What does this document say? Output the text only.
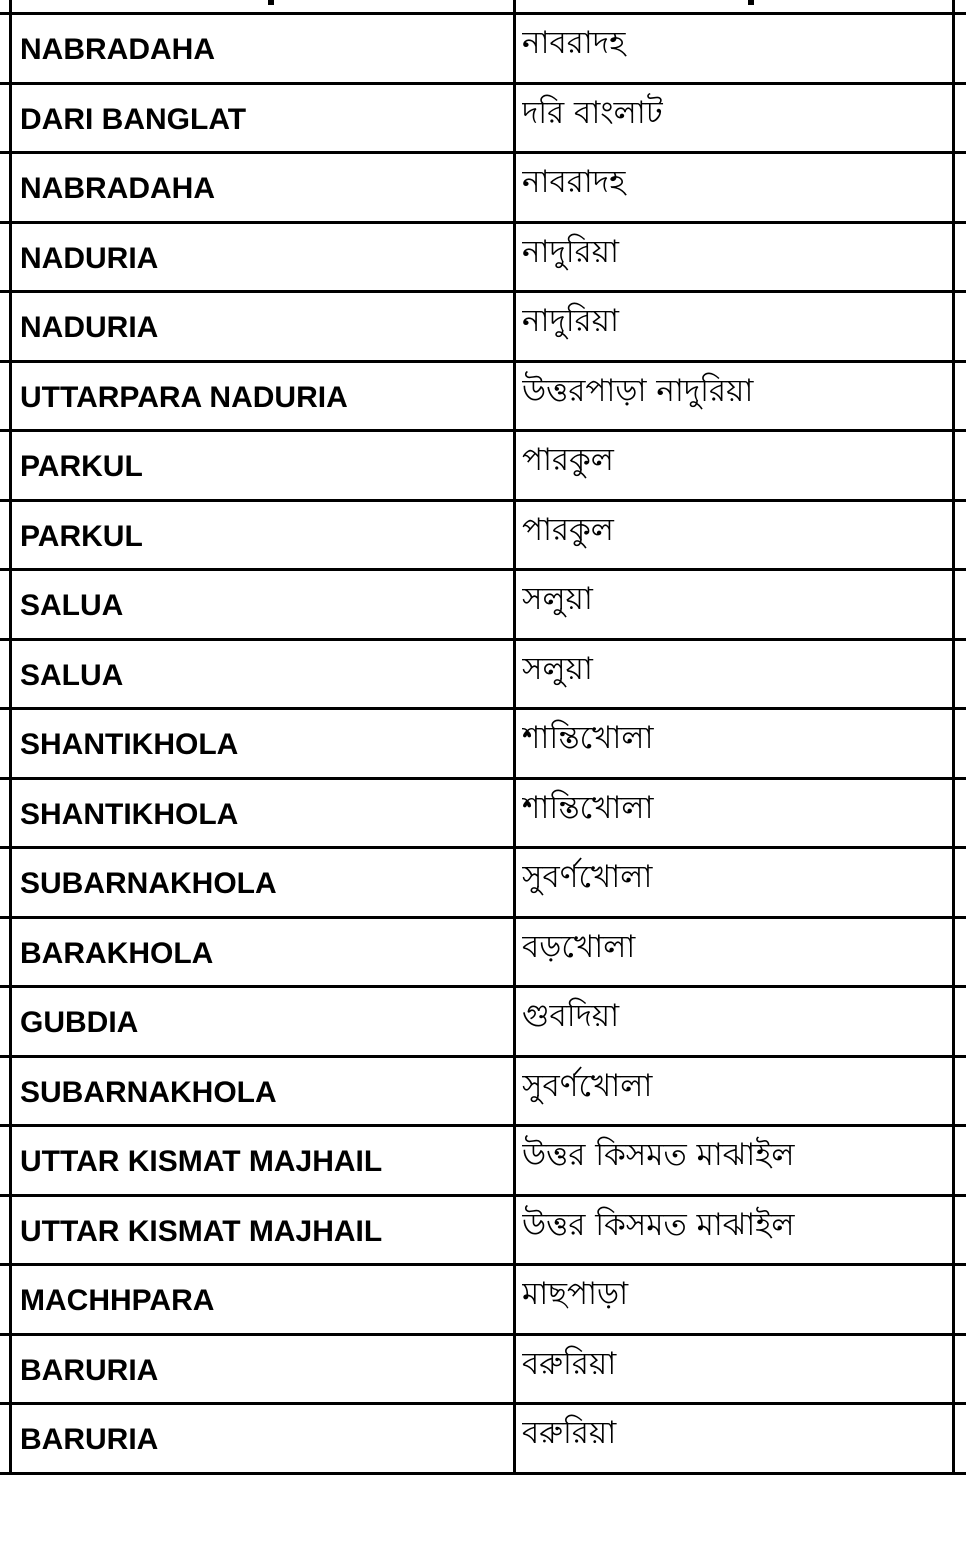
NABRADAHA	নাবরাদহ
DARI BANGLAT	দরি বাংলাট
NABRADAHA	নাবরাদহ
NADURIA	নাদুরিয়া
NADURIA	নাদুরিয়া
UTTARPARA NADURIA	উত্তরপাড়া নাদুরিয়া
PARKUL	পারকুল
PARKUL	পারকুল
SALUA	সলুয়া
SALUA	সলুয়া
SHANTIKHOLA	শান্তিখোলা
SHANTIKHOLA	শান্তিখোলা
SUBARNAKHOLA	সুবর্ণখোলা
BARAKHOLA	বড়খোলা
GUBDIA	গুবদিয়া
SUBARNAKHOLA	সুবর্ণখোলা
UTTAR KISMAT MAJHAIL	উত্তর কিসমত মাঝাইল
UTTAR KISMAT MAJHAIL	উত্তর কিসমত মাঝাইল
MACHHPARA	মাছপাড়া
BARURIA	বরুরিয়া
BARURIA	বরুরিয়া
